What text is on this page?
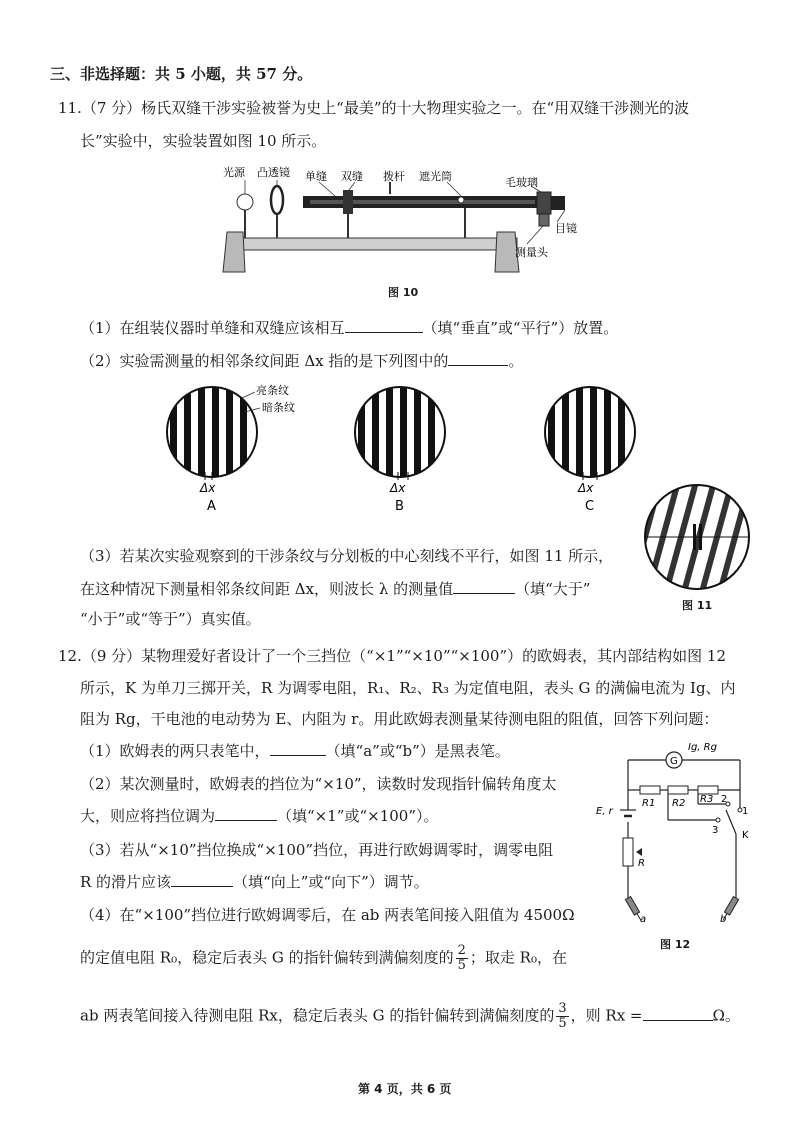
三、非选择题：共 5 小题，共 57 分。
11.（7 分）杨氏双缝干涉实验被誉为史上“最美”的十大物理实验之一。在“用双缝干涉测光的波
长”实验中，实验装置如图 10 所示。
光源 凸透镜 单缝 双缝 拨杆 遮光筒	毛玻璃
目镜
测量头
图 10
（1）在组装仪器时单缝和双缝应该相互	（填“垂直”或“平行”）放置。
（2）实验需测量的相邻条纹间距 Δx 指的是下列图中的	。
亮条纹
暗条纹
Δx	Δx	Δx
A	B	C
图 11
（3）若某次实验观察到的干涉条纹与分划板的中心刻线不平行，如图 11 所示，
在这种情况下测量相邻条纹间距 Δx，则波长 λ 的测量值	（填“大于”
“小于”或“等于”）真实值。
12.（9 分）某物理爱好者设计了一个三挡位（“×1”“×10”“×100”）的欧姆表，其内部结构如图 12
所示，K 为单刀三掷开关，R 为调零电阻，R₁、R₂、R₃ 为定值电阻，表头 G 的满偏电流为 Ig、内
阻为 Rg，干电池的电动势为 E、内阻为 r。用此欧姆表测量某待测电阻的阻值，回答下列问题：
（1）欧姆表的两只表笔中，	（填“a”或“b”）是黑表笔。
（2）某次测量时，欧姆表的挡位为“×10”，读数时发现指针偏转角度太
大，则应将挡位调为	（填“×1”或“×100”）。
（3）若从“×10”挡位换成“×100”挡位，再进行欧姆调零时，调零电阻
R 的滑片应该	（填“向上”或“向下”）调节。
（4）在“×100”挡位进行欧姆调零后，在 ab 两表笔间接入阻值为 4500Ω
的定值电阻 R₀，稳定后表头 G 的指针偏转到满偏刻度的 $\frac{2}{5}$ ；取走 R₀，在
ab 两表笔间接入待测电阻 Rx，稳定后表头 G 的指针偏转到满偏刻度的 $\frac{3}{5}$ ，则 Rx =	Ω。
G
Ig, Rg
R1 R2 R3
E, r
R
1
2
3 K
a	b
图 12
第 4 页，共 6 页
